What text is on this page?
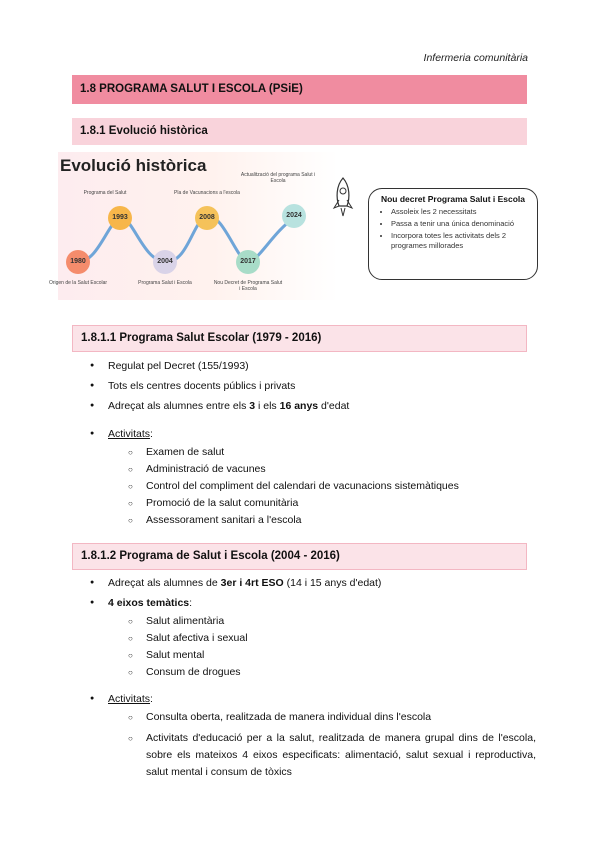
Infermeria comunitària
1.8 PROGRAMA SALUT I ESCOLA (PSiE)
1.8.1 Evolució històrica
Evolució històrica
1980
1993
2004
2008
2017
2024
Origen de la Salut Escolar
Programa del Salut
Programa Salut i Escola
Pla de Vacunacions a l'escola
Nou Decret de Programa Salut i Escola
Actualització del programa Salut i Escola
Nou decret Programa Salut i Escola
• Assoleix les 2 necessitats
• Passa a tenir una única denominació
• Incorpora totes les activitats dels 2 programes millorades
1.8.1.1 Programa Salut Escolar (1979 - 2016)
● Regulat pel Decret (155/1993)
● Tots els centres docents públics i privats
● Adreçat als alumnes entre els 3 i els 16 anys d'edat
● Activitats:
○ Examen de salut
○ Administració de vacunes
○ Control del compliment del calendari de vacunacions sistemàtiques
○ Promoció de la salut comunitària
○ Assessorament sanitari a l'escola
1.8.1.2 Programa de Salut i Escola (2004 - 2016)
● Adreçat als alumnes de 3er i 4rt ESO (14 i 15 anys d'edat)
● 4 eixos temàtics:
○ Salut alimentària
○ Salut afectiva i sexual
○ Salut mental
○ Consum de drogues
● Activitats:
○ Consulta oberta, realitzada de manera individual dins l'escola
○ Activitats d'educació per a la salut, realitzada de manera grupal dins de l'escola, sobre els mateixos 4 eixos especificats: alimentació, salut sexual i reproductiva, salut mental i consum de tòxics
